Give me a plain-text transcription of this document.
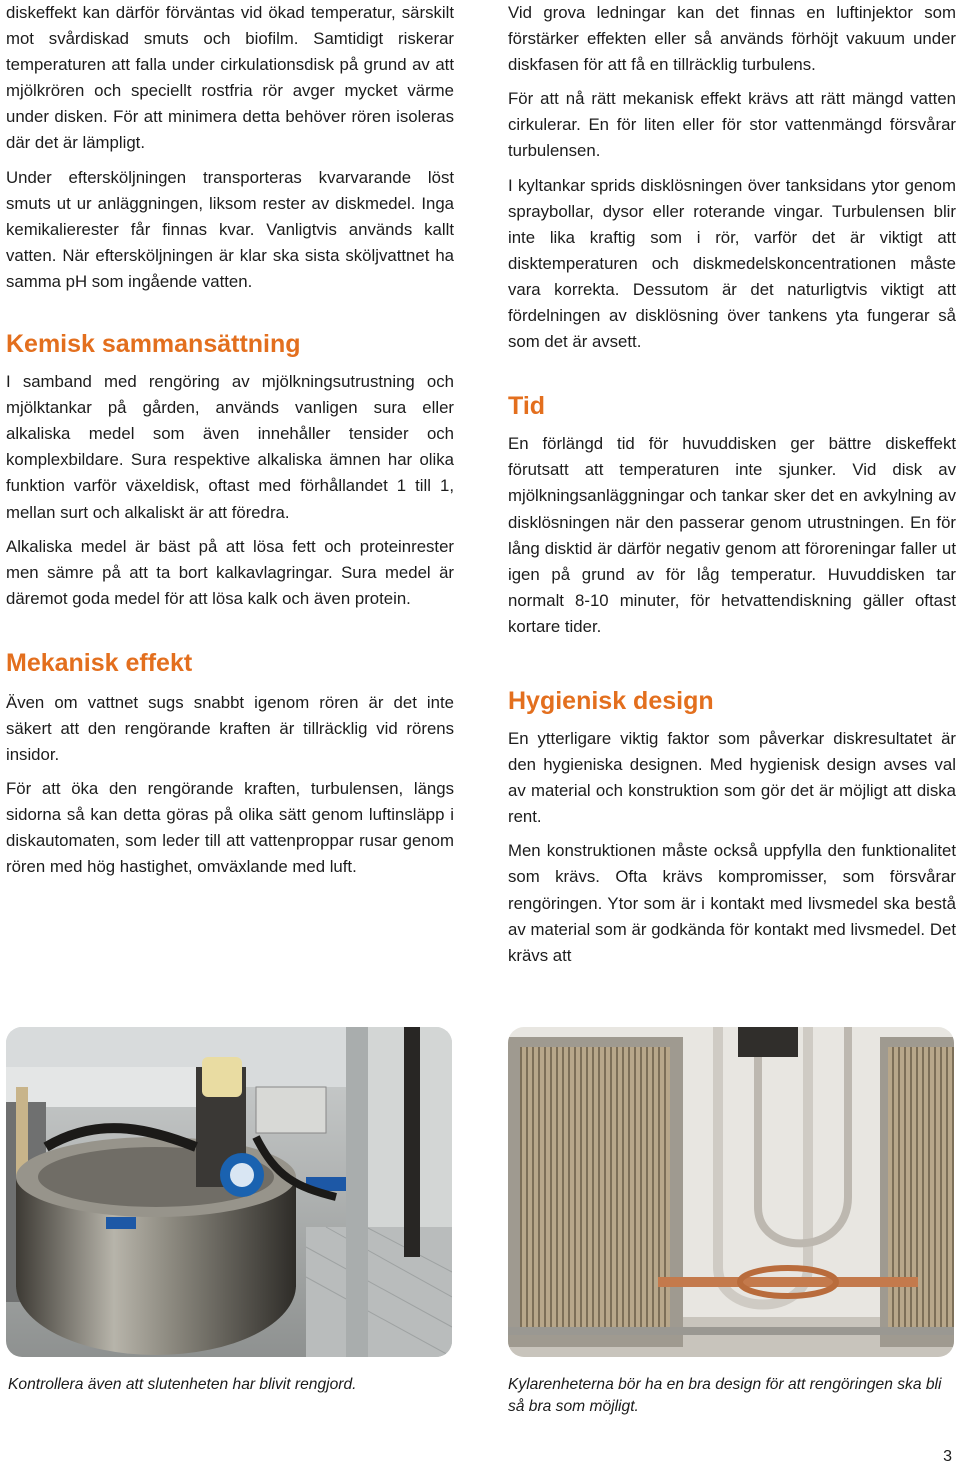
diskeffekt kan därför förväntas vid ökad temperatur, särskilt mot svårdiskad smuts och biofilm. Samtidigt riskerar temperaturen att falla under cirkulationsdisk på grund av att mjölkrören och speciellt rostfria rör avger mycket värme under disken. För att minimera detta behöver rören isoleras där det är lämpligt.

Under eftersköljningen transporteras kvarvarande löst smuts ut ur anläggningen, liksom rester av diskmedel. Inga kemikalierester får finnas kvar. Vanligtvis används kallt vatten. När eftersköljningen är klar ska sista sköljvattnet ha samma pH som ingående vatten.

Kemisk sammansättning

I samband med rengöring av mjölkningsutrustning och mjölktankar på gården, används vanligen sura eller alkaliska medel som även innehåller tensider och komplexbildare. Sura respektive alkaliska ämnen har olika funktion varför växeldisk, oftast med förhållandet 1 till 1, mellan surt och alkaliskt är att föredra.

Alkaliska medel är bäst på att lösa fett och proteinrester men sämre på att ta bort kalkavlagringar. Sura medel är däremot goda medel för att lösa kalk och även protein.

Mekanisk effekt

Även om vattnet sugs snabbt igenom rören är det inte säkert att den rengörande kraften är tillräcklig vid rörens insidor.

För att öka den rengörande kraften, turbulensen, längs sidorna så kan detta göras på olika sätt genom luftinsläpp i diskautomaten, som leder till att vattenproppar rusar genom rören med hög hastighet, omväxlande med luft.

Vid grova ledningar kan det finnas en luftinjektor som förstärker effekten eller så används förhöjt vakuum under diskfasen för att få en tillräcklig turbulens.

För att nå rätt mekanisk effekt krävs att rätt mängd vatten cirkulerar. En för liten eller för stor vattenmängd försvårar turbulensen.

I kyltankar sprids disklösningen över tanksidans ytor genom spraybollar, dysor eller roterande vingar. Turbulensen blir inte lika kraftig som i rör, varför det är viktigt att disktemperaturen och diskmedelskoncentrationen måste vara korrekta. Dessutom är det naturligtvis viktigt att fördelningen av disklösning över tankens yta fungerar så som det är avsett.

Tid

En förlängd tid för huvuddisken ger bättre diskeffekt förutsatt att temperaturen inte sjunker. Vid disk av mjölkningsanläggningar och tankar sker det en avkylning av disklösningen när den passerar genom utrustningen. En för lång disktid är därför negativ genom att föroreningar faller ut igen på grund av för låg temperatur. Huvuddisken tar normalt 8-10 minuter, för hetvattendiskning gäller oftast kortare tider.

Hygienisk design

En ytterligare viktig faktor som påverkar diskresultatet är den hygieniska designen. Med hygienisk design avses val av material och konstruktion som gör det är möjligt att diska rent.

Men konstruktionen måste också uppfylla den funktionalitet som krävs. Ofta krävs kompromisser, som försvårar rengöringen. Ytor som är i kontakt med livsmedel ska bestå av material som är godkända för kontakt med livsmedel. Det krävs att

Kontrollera även att slutenheten har blivit rengjord.	Kylarenheterna bör ha en bra design för att rengöringen ska bli så bra som möjligt.
3
